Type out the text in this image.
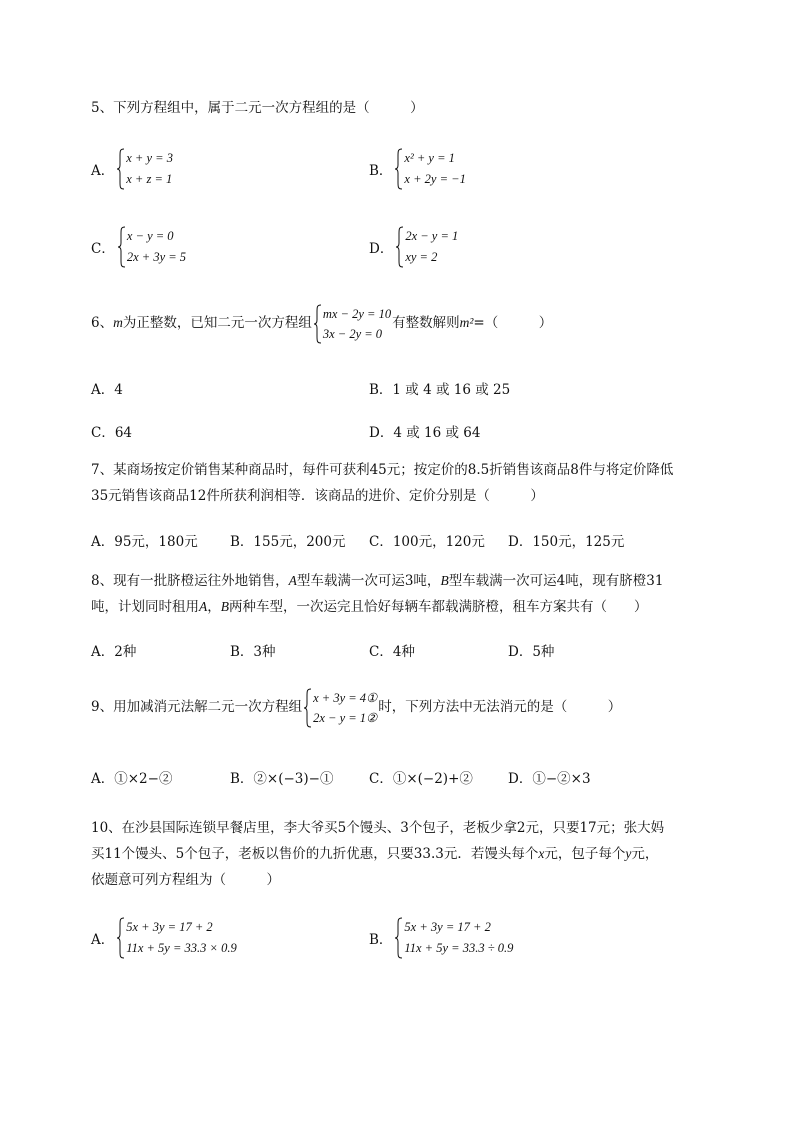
5、下列方程组中，属于二元一次方程组的是（　　　）
A．
x + y = 3
x + z = 1	B．
x² + y = 1
x + 2y = −1
C．
x − y = 0
2x + 3y = 5	D．
2x − y = 1
xy = 2
6、m为正整数，已知二元一次方程组
mx − 2y = 10
3x − 2y = 0
有整数解则m²=（　　　）
A．4	B．1 或 4 或 16 或 25
C．64	D．4 或 16 或 64
7、某商场按定价销售某种商品时，每件可获利45元；按定价的8.5折销售该商品8件与将定价降低
35元销售该商品12件所获利润相等．该商品的进价、定价分别是（　　　）
A．95元，180元 B．155元，200元 C．100元，120元 D．150元，125元
8、现有一批脐橙运往外地销售，A型车载满一次可运3吨，B型车载满一次可运4吨，现有脐橙31
吨，计划同时租用A，B两种车型，一次运完且恰好每辆车都载满脐橙，租车方案共有（　　）
A．2种	B．3种	C．4种	D．5种
9、用加减消元法解二元一次方程组
x + 3y = 4①
2x − y = 1②
时，下列方法中无法消元的是（　　　）
A．①×2−②	B．②×(−3)−①	C．①×(−2)+②	D．①−②×3
10、在沙县国际连锁早餐店里，李大爷买5个馒头、3个包子，老板少拿2元，只要17元；张大妈
买11个馒头、5个包子，老板以售价的九折优惠，只要33.3元．若馒头每个x元，包子每个y元，
依题意可列方程组为（　　　）
A．
5x + 3y = 17 + 2
11x + 5y = 33.3 × 0.9	B．
5x + 3y = 17 + 2
11x + 5y = 33.3 ÷ 0.9
